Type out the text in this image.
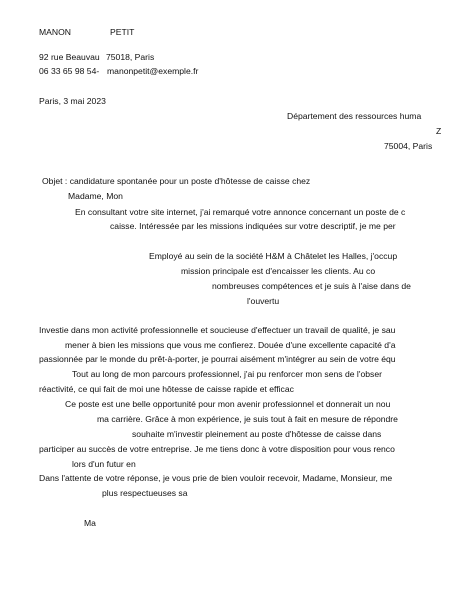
MANON	PETIT
92 rue Beauvau 75018, Paris
06 33 65 98 54- manonpetit@exemple.fr
Paris, 3 mai 2023
Département des ressources huma
Z
75004, Paris
Objet : candidature spontanée pour un poste d'hôtesse de caisse chez
Madame, Mon
En consultant votre site internet, j'ai remarqué votre annonce concernant un poste de c
caisse. Intéressée par les missions indiquées sur votre descriptif, je me per
Employé au sein de la société H&M à Châtelet les Halles, j'occup
mission principale est d'encaisser les clients. Au co
nombreuses compétences et je suis à l'aise dans de
l'ouvertu
Investie dans mon activité professionnelle et soucieuse d'effectuer un travail de qualité, je sau
mener à bien les missions que vous me confierez. Douée d'une excellente capacité d'a
passionnée par le monde du prêt-à-porter, je pourrai aisément m'intégrer au sein de votre équ
Tout au long de mon parcours professionnel, j'ai pu renforcer mon sens de l'obser
réactivité, ce qui fait de moi une hôtesse de caisse rapide et efficac
Ce poste est une belle opportunité pour mon avenir professionnel et donnerait un nou
ma carrière. Grâce à mon expérience, je suis tout à fait en mesure de répondre
souhaite m'investir pleinement au poste d'hôtesse de caisse dans
participer au succès de votre entreprise. Je me tiens donc à votre disposition pour vous renco
lors d'un futur en
Dans l'attente de votre réponse, je vous prie de bien vouloir recevoir, Madame, Monsieur, me
plus respectueuses sa
Ma
